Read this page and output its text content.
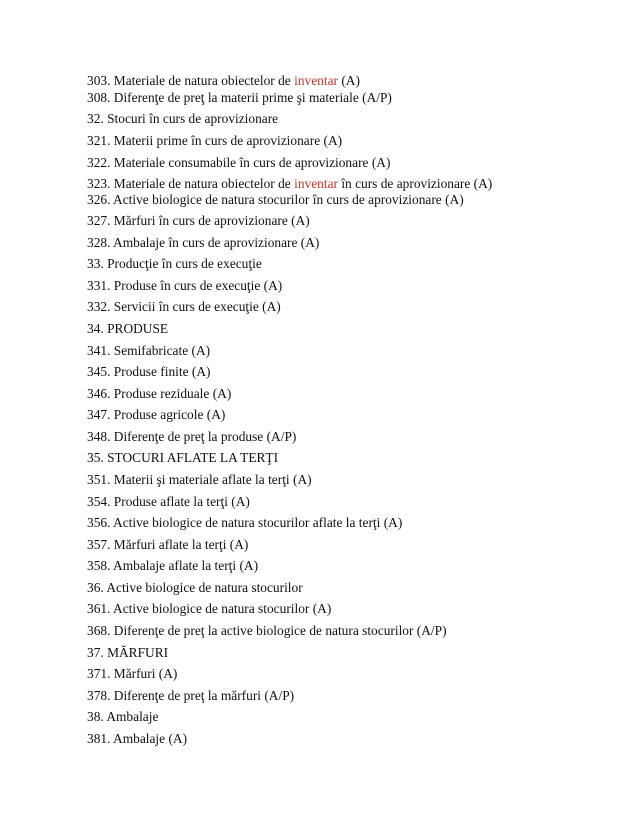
303. Materiale de natura obiectelor de inventar (A)
308. Diferenţe de preţ la materii prime şi materiale (A/P)
32. Stocuri în curs de aprovizionare
321. Materii prime în curs de aprovizionare (A)
322. Materiale consumabile în curs de aprovizionare (A)
323. Materiale de natura obiectelor de inventar în curs de aprovizionare (A)
326. Active biologice de natura stocurilor în curs de aprovizionare (A)
327. Mărfuri în curs de aprovizionare (A)
328. Ambalaje în curs de aprovizionare (A)
33. Producţie în curs de execuţie
331. Produse în curs de execuţie (A)
332. Servicii în curs de execuţie (A)
34. PRODUSE
341. Semifabricate (A)
345. Produse finite (A)
346. Produse reziduale (A)
347. Produse agricole (A)
348. Diferenţe de preţ la produse (A/P)
35. STOCURI AFLATE LA TERŢI
351. Materii şi materiale aflate la terţi (A)
354. Produse aflate la terţi (A)
356. Active biologice de natura stocurilor aflate la terţi (A)
357. Mărfuri aflate la terţi (A)
358. Ambalaje aflate la terţi (A)
36. Active biologice de natura stocurilor
361. Active biologice de natura stocurilor (A)
368. Diferenţe de preţ la active biologice de natura stocurilor (A/P)
37. MĂRFURI
371. Mărfuri (A)
378. Diferenţe de preţ la mărfuri (A/P)
38. Ambalaje
381. Ambalaje (A)
